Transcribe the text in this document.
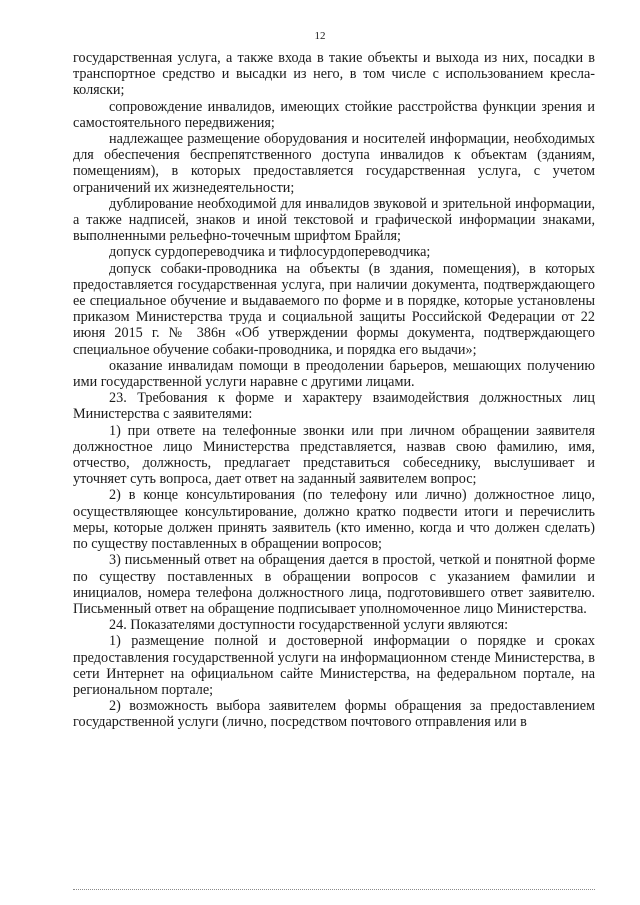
12

государственная услуга, а также входа в такие объекты и выхода из них, посадки в транспортное средство и высадки из него, в том числе с использованием кресла-коляски;

сопровождение инвалидов, имеющих стойкие расстройства функции зрения и самостоятельного передвижения;

надлежащее размещение оборудования и носителей информации, необходимых для обеспечения беспрепятственного доступа инвалидов к объектам (зданиям, помещениям), в которых предоставляется государственная услуга, с учетом ограничений их жизнедеятельности;

дублирование необходимой для инвалидов звуковой и зрительной информации, а также надписей, знаков и иной текстовой и графической информации знаками, выполненными рельефно-точечным шрифтом Брайля;

допуск сурдопереводчика и тифлосурдопереводчика;

допуск собаки-проводника на объекты (в здания, помещения), в которых предоставляется государственная услуга, при наличии документа, подтверждающего ее специальное обучение и выдаваемого по форме и в порядке, которые установлены приказом Министерства труда и социальной защиты Российской Федерации от 22 июня 2015 г. № 386н «Об утверждении формы документа, подтверждающего специальное обучение собаки-проводника, и порядка его выдачи»;

оказание инвалидам помощи в преодолении барьеров, мешающих получению ими государственной услуги наравне с другими лицами.

23. Требования к форме и характеру взаимодействия должностных лиц Министерства с заявителями:

1) при ответе на телефонные звонки или при личном обращении заявителя должностное лицо Министерства представляется, назвав свою фамилию, имя, отчество, должность, предлагает представиться собеседнику, выслушивает и уточняет суть вопроса, дает ответ на заданный заявителем вопрос;

2) в конце консультирования (по телефону или лично) должностное лицо, осуществляющее консультирование, должно кратко подвести итоги и перечислить меры, которые должен принять заявитель (кто именно, когда и что должен сделать) по существу поставленных в обращении вопросов;

3) письменный ответ на обращения дается в простой, четкой и понятной форме по существу поставленных в обращении вопросов с указанием фамилии и инициалов, номера телефона должностного лица, подготовившего ответ заявителю. Письменный ответ на обращение подписывает уполномоченное лицо Министерства.

24. Показателями доступности государственной услуги являются:

1) размещение полной и достоверной информации о порядке и сроках предоставления государственной услуги на информационном стенде Министерства, в сети Интернет на официальном сайте Министерства, на федеральном портале, на региональном портале;

2) возможность выбора заявителем формы обращения за предоставлением государственной услуги (лично, посредством почтового отправления или в
